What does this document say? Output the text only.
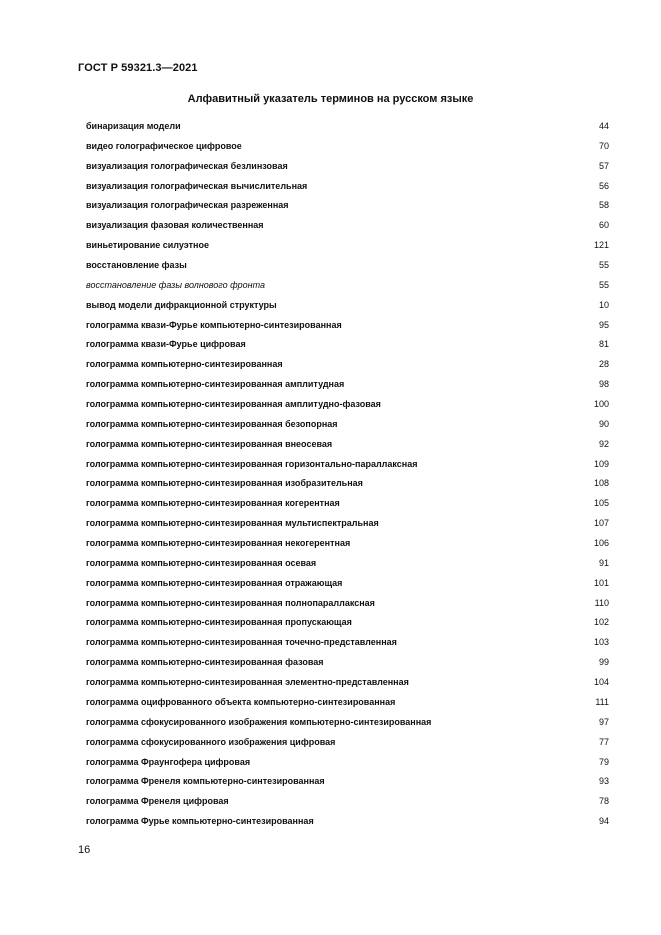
ГОСТ Р 59321.3—2021
Алфавитный указатель терминов на русском языке
бинаризация модели	44
видео голографическое цифровое	70
визуализация голографическая безлинзовая	57
визуализация голографическая вычислительная	56
визуализация голографическая разреженная	58
визуализация фазовая количественная	60
виньетирование силуэтное	121
восстановление фазы	55
восстановление фазы волнового фронта	55
вывод модели дифракционной структуры	10
голограмма квази-Фурье компьютерно-синтезированная	95
голограмма квази-Фурье цифровая	81
голограмма компьютерно-синтезированная	28
голограмма компьютерно-синтезированная амплитудная	98
голограмма компьютерно-синтезированная амплитудно-фазовая	100
голограмма компьютерно-синтезированная безопорная	90
голограмма компьютерно-синтезированная внеосевая	92
голограмма компьютерно-синтезированная горизонтально-параллаксная	109
голограмма компьютерно-синтезированная изобразительная	108
голограмма компьютерно-синтезированная когерентная	105
голограмма компьютерно-синтезированная мультиспектральная	107
голограмма компьютерно-синтезированная некогерентная	106
голограмма компьютерно-синтезированная осевая	91
голограмма компьютерно-синтезированная отражающая	101
голограмма компьютерно-синтезированная полнопараллаксная	110
голограмма компьютерно-синтезированная пропускающая	102
голограмма компьютерно-синтезированная точечно-представленная	103
голограмма компьютерно-синтезированная фазовая	99
голограмма компьютерно-синтезированная элементно-представленная	104
голограмма оцифрованного объекта компьютерно-синтезированная	111
голограмма сфокусированного изображения компьютерно-синтезированная	97
голограмма сфокусированного изображения цифровая	77
голограмма Фраунгофера цифровая	79
голограмма Френеля компьютерно-синтезированная	93
голограмма Френеля цифровая	78
голограмма Фурье компьютерно-синтезированная	94
16
